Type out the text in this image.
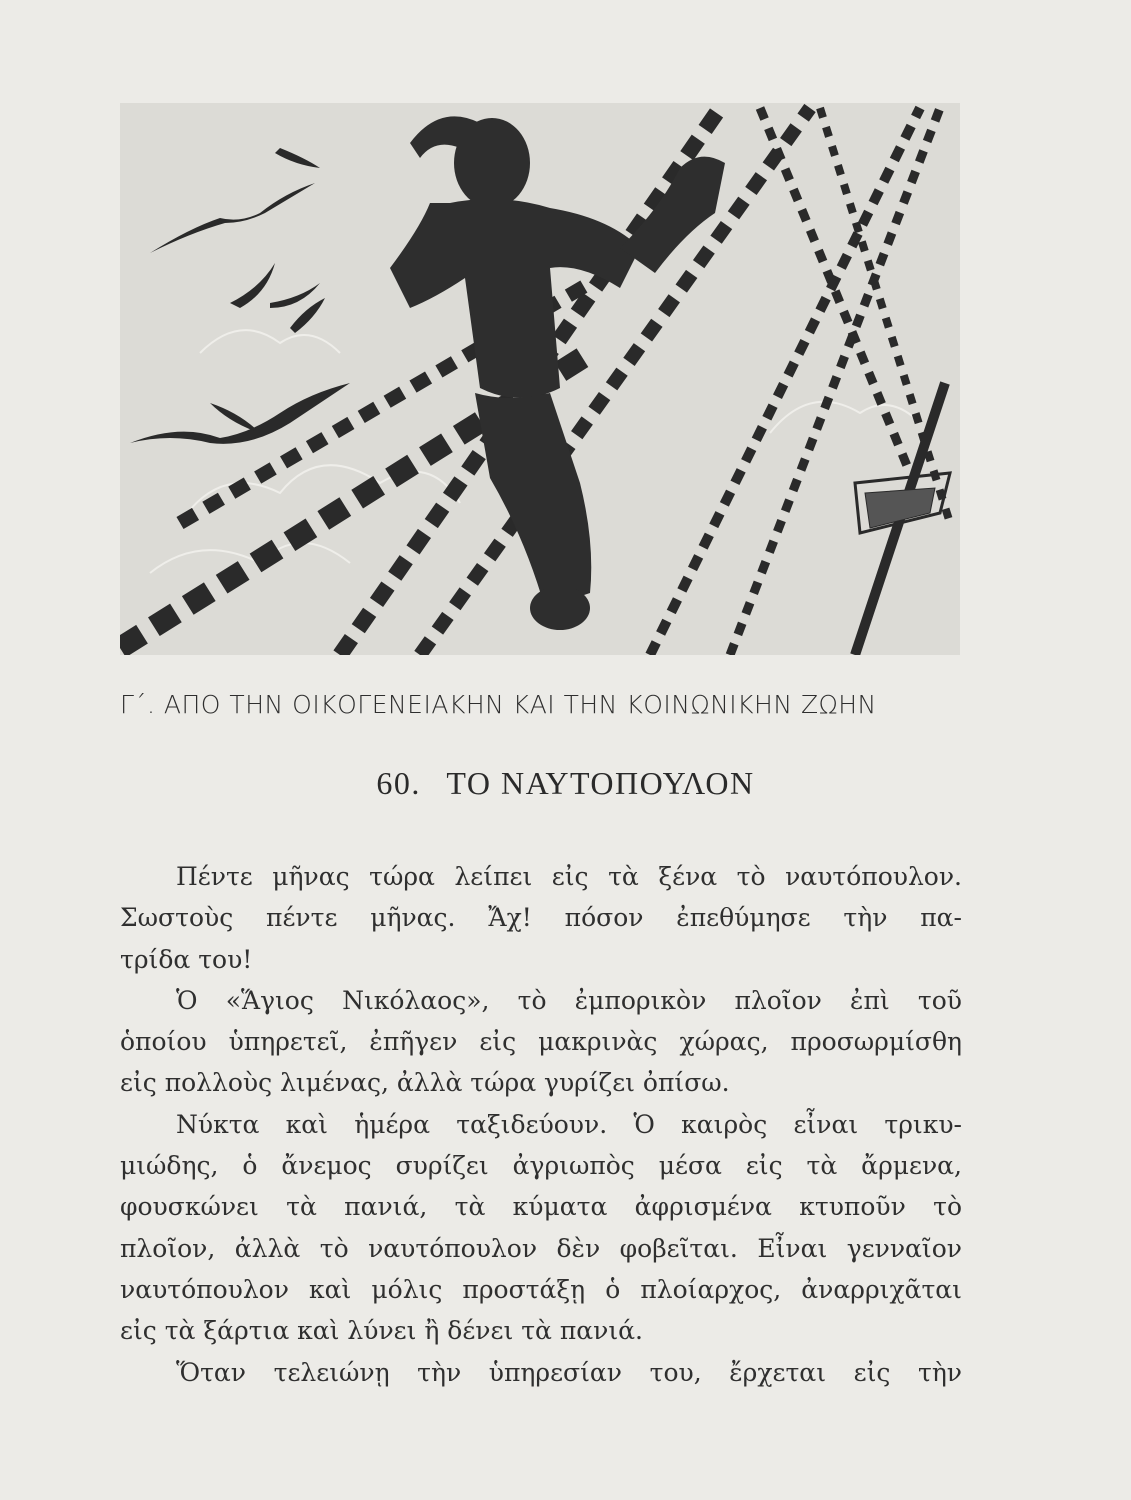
Γ΄. ΑΠΟ ΤΗΝ ΟΙΚΟΓΕΝΕΙΑΚΗΝ ΚΑΙ ΤΗΝ ΚΟΙΝΩΝΙΚΗΝ ΖΩΗΝ
60. ΤΟ ΝΑΥΤΟΠΟΥΛΟΝ

Πέντε μῆνας τώρα λείπει εἰς τὰ ξένα τὸ ναυτόπουλον.
Σωστοὺς πέντε μῆνας. Ἄχ! πόσον ἐπεθύμησε τὴν πα-
τρίδα του!

Ὁ «Ἅγιος Νικόλαος», τὸ ἐμπορικὸν πλοῖον ἐπὶ τοῦ
ὁποίου ὑπηρετεῖ, ἐπῆγεν εἰς μακρινὰς χώρας, προσωρμίσθη
εἰς πολλοὺς λιμένας, ἀλλὰ τώρα γυρίζει ὀπίσω.

Νύκτα καὶ ἡμέρα ταξιδεύουν. Ὁ καιρὸς εἶναι τρικυ-
μιώδης, ὁ ἄνεμος συρίζει ἀγριωπὸς μέσα εἰς τὰ ἄρμενα,
φουσκώνει τὰ πανιά, τὰ κύματα ἀφρισμένα κτυποῦν τὸ
πλοῖον, ἀλλὰ τὸ ναυτόπουλον δὲν φοβεῖται. Εἶναι γενναῖον
ναυτόπουλον καὶ μόλις προστάξῃ ὁ πλοίαρχος, ἀναρριχᾶται
εἰς τὰ ξάρτια καὶ λύνει ἢ δένει τὰ πανιά.

Ὅταν τελειώνῃ τὴν ὑπηρεσίαν του, ἔρχεται εἰς τὴν
